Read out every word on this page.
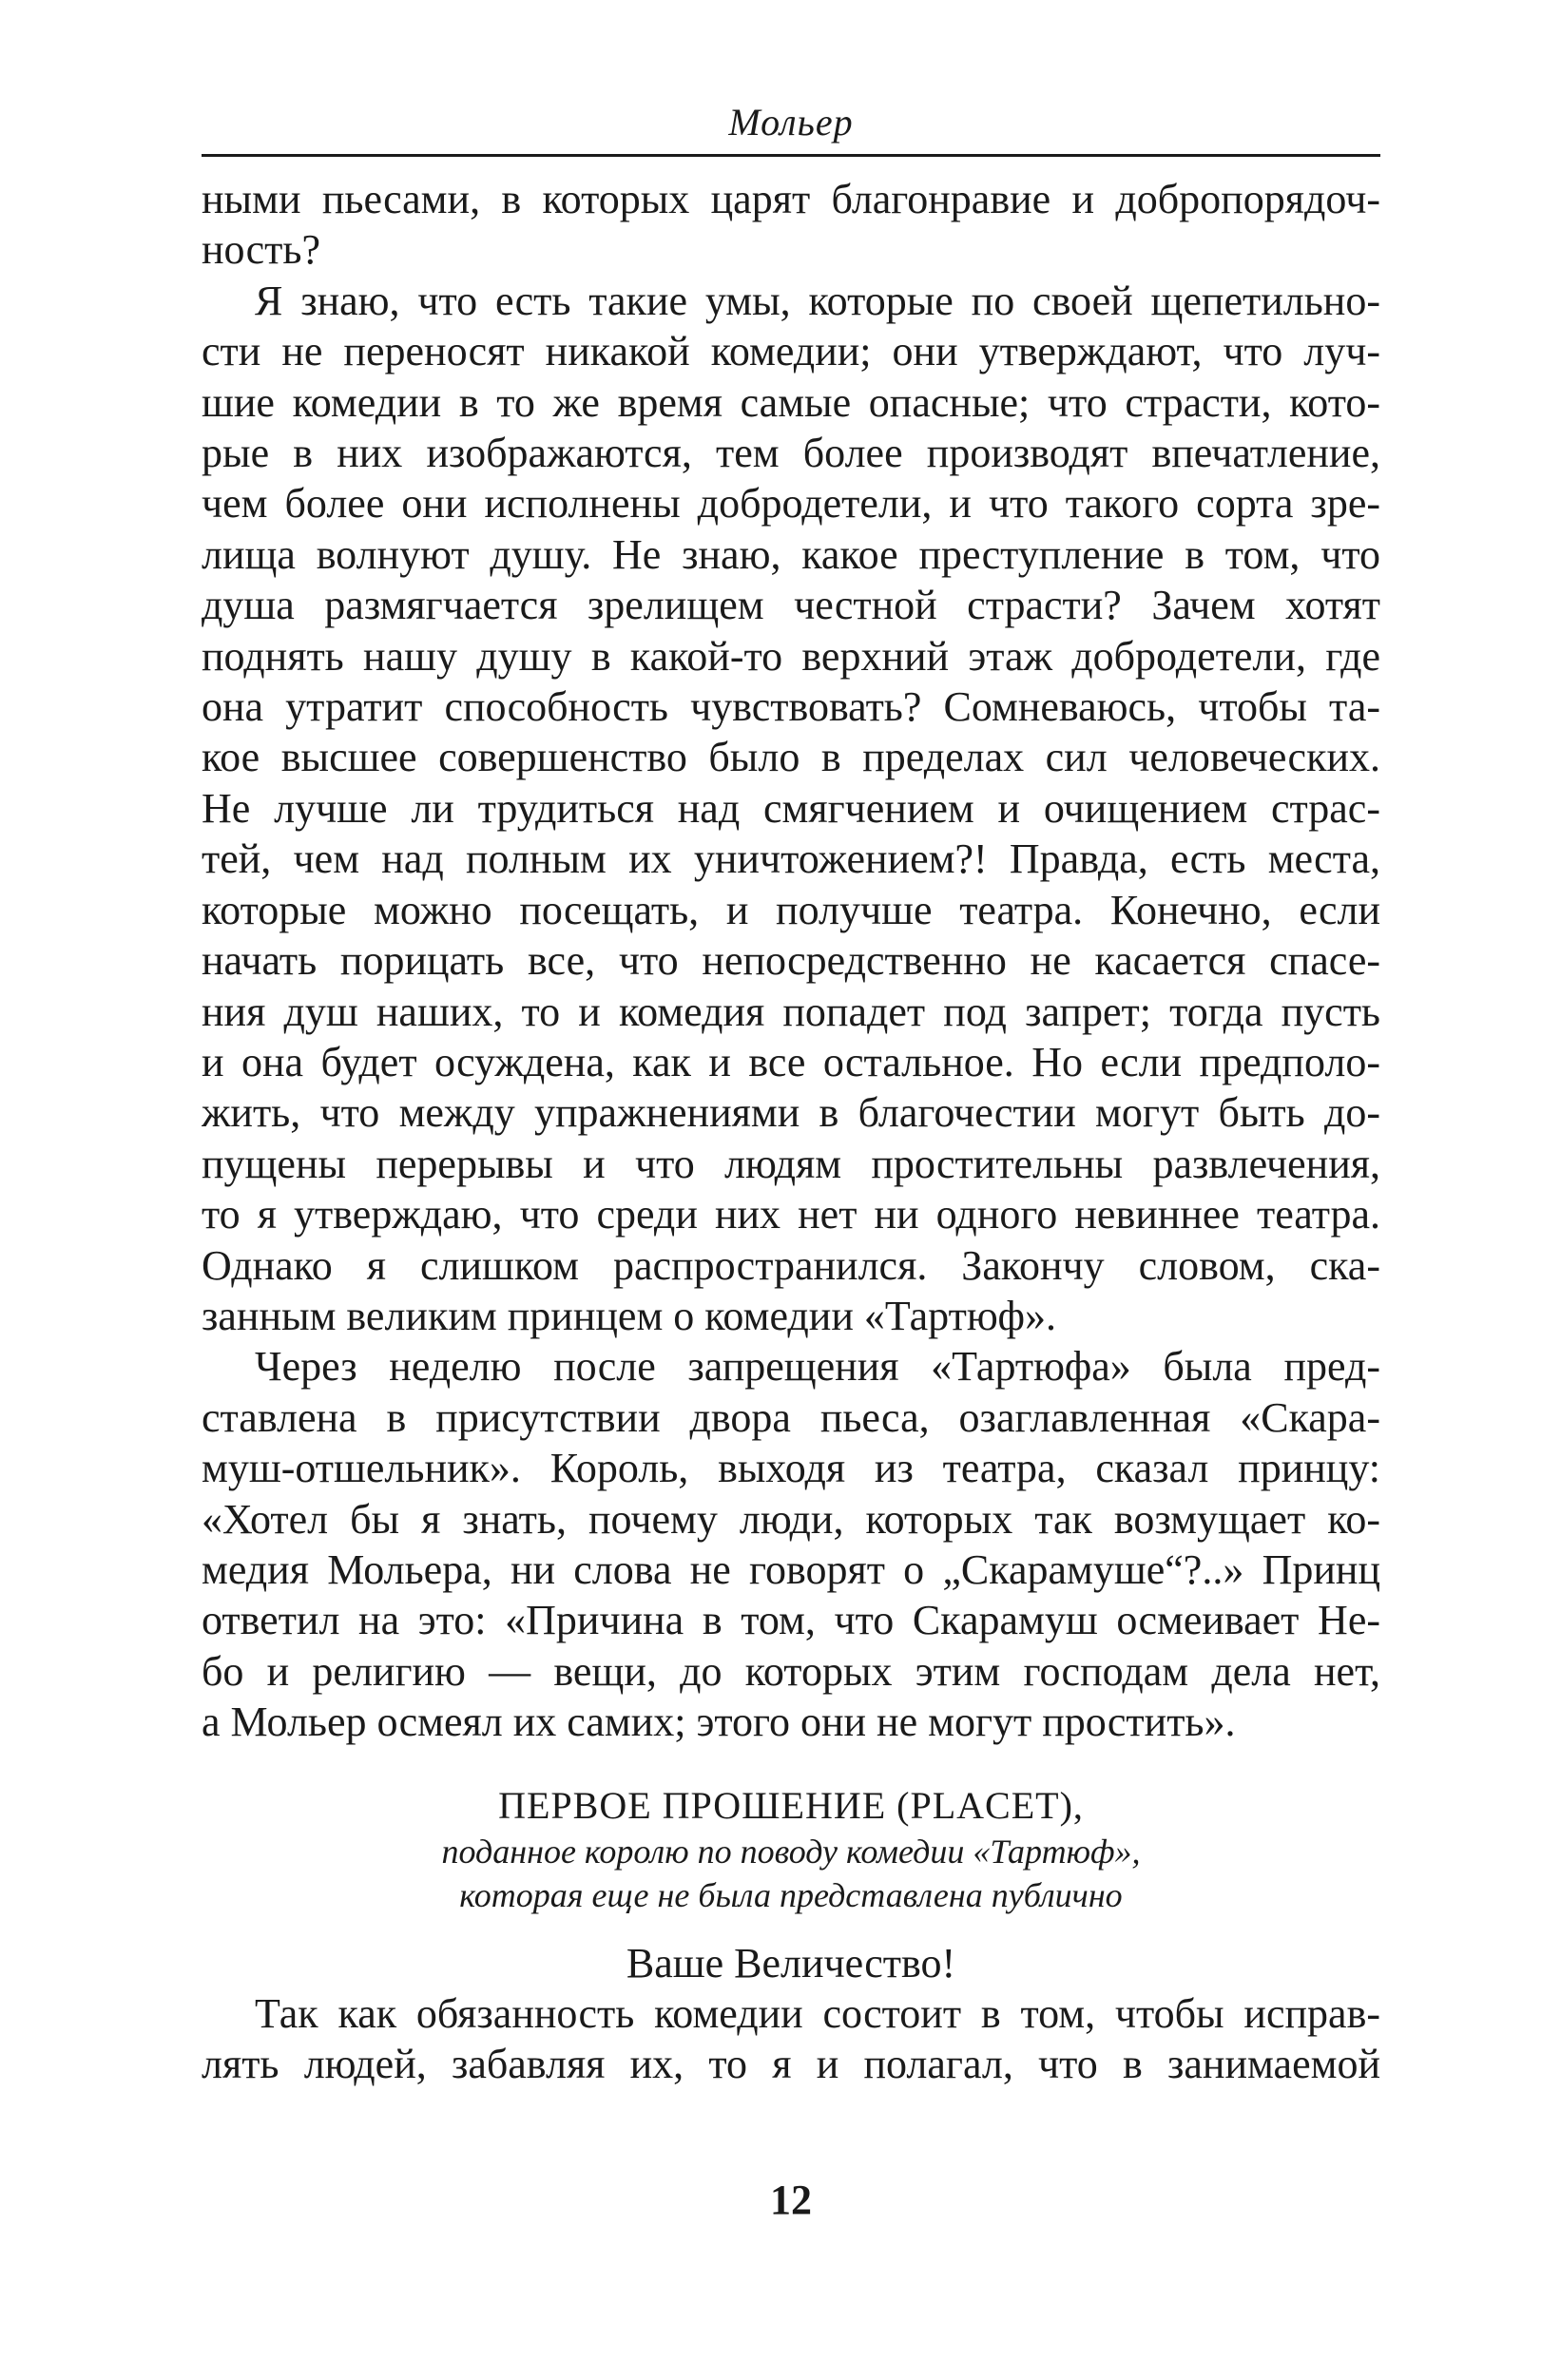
Мольер
ными пьесами, в которых царят благонравие и добропорядоч-
ность?
Я знаю, что есть такие умы, которые по своей щепетильно-
сти не переносят никакой комедии; они утверждают, что луч-
шие комедии в то же время самые опасные; что страсти, кото-
рые в них изображаются, тем более производят впечатление,
чем более они исполнены добродетели, и что такого сорта зре-
лища волнуют душу. Не знаю, какое преступление в том, что
душа размягчается зрелищем честной страсти? Зачем хотят
поднять нашу душу в какой-то верхний этаж добродетели, где
она утратит способность чувствовать? Сомневаюсь, чтобы та-
кое высшее совершенство было в пределах сил человеческих.
Не лучше ли трудиться над смягчением и очищением страс-
тей, чем над полным их уничтожением?! Правда, есть места,
которые можно посещать, и получше театра. Конечно, если
начать порицать все, что непосредственно не касается спасе-
ния душ наших, то и комедия попадет под запрет; тогда пусть
и она будет осуждена, как и все остальное. Но если предполо-
жить, что между упражнениями в благочестии могут быть до-
пущены перерывы и что людям простительны развлечения,
то я утверждаю, что среди них нет ни одного невиннее театра.
Однако я слишком распространился. Закончу словом, ска-
занным великим принцем о комедии «Тартюф».
Через неделю после запрещения «Тартюфа» была пред-
ставлена в присутствии двора пьеса, озаглавленная «Скара-
муш-отшельник». Король, выходя из театра, сказал принцу:
«Хотел бы я знать, почему люди, которых так возмущает ко-
медия Мольера, ни слова не говорят о „Скарамуше“?..» Принц
ответил на это: «Причина в том, что Скарамуш осмеивает Не-
бо и религию — вещи, до которых этим господам дела нет,
а Мольер осмеял их самих; этого они не могут простить».
ПЕРВОЕ ПРОШЕНИЕ (PLACET),
поданное королю по поводу комедии «Тартюф»,
которая еще не была представлена публично
Ваше Величество!
Так как обязанность комедии состоит в том, чтобы исправ-
лять людей, забавляя их, то я и полагал, что в занимаемой
12
